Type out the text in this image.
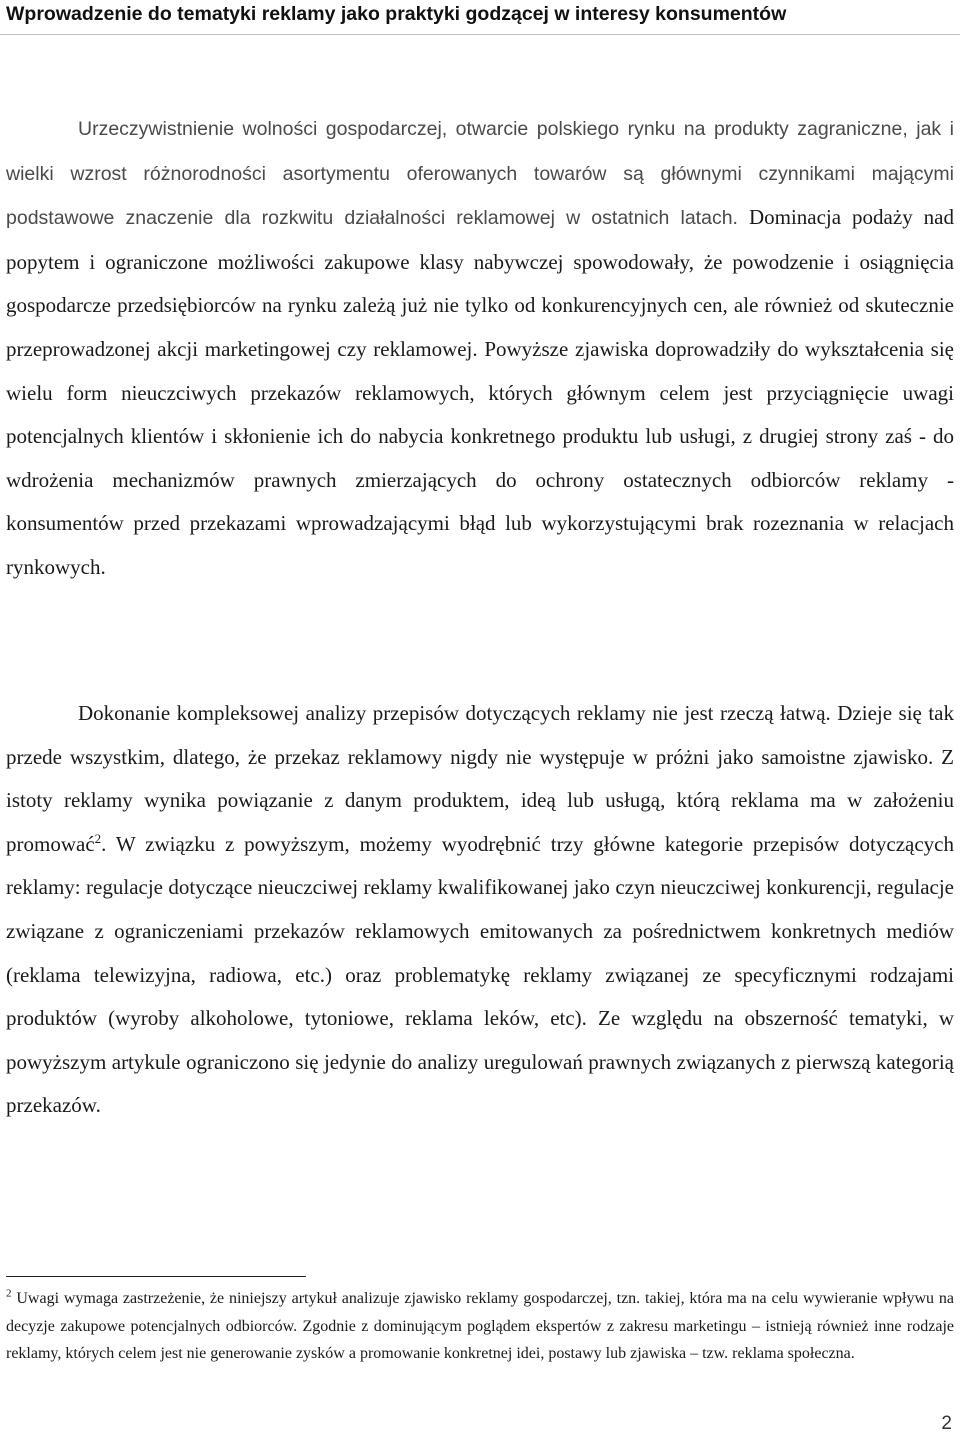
Wprowadzenie do tematyki reklamy jako praktyki godzącej w interesy konsumentów

Urzeczywistnienie wolności gospodarczej, otwarcie polskiego rynku na produkty zagraniczne, jak i wielki wzrost różnorodności asortymentu oferowanych towarów są głównymi czynnikami mającymi podstawowe znaczenie dla rozkwitu działalności reklamowej w ostatnich latach. Dominacja podaży nad popytem i ograniczone możliwości zakupowe klasy nabywczej spowodowały, że powodzenie i osiągnięcia gospodarcze przedsiębiorców na rynku zależą już nie tylko od konkurencyjnych cen, ale również od skutecznie przeprowadzonej akcji marketingowej czy reklamowej. Powyższe zjawiska doprowadziły do wykształcenia się wielu form nieuczciwych przekazów reklamowych, których głównym celem jest przyciągnięcie uwagi potencjalnych klientów i skłonienie ich do nabycia konkretnego produktu lub usługi, z drugiej strony zaś - do wdrożenia mechanizmów prawnych zmierzających do ochrony ostatecznych odbiorców reklamy - konsumentów przed przekazami wprowadzającymi błąd lub wykorzystującymi brak rozeznania w relacjach rynkowych.

Dokonanie kompleksowej analizy przepisów dotyczących reklamy nie jest rzeczą łatwą. Dzieje się tak przede wszystkim, dlatego, że przekaz reklamowy nigdy nie występuje w próżni jako samoistne zjawisko. Z istoty reklamy wynika powiązanie z danym produktem, ideą lub usługą, którą reklama ma w założeniu promować$^2$. W związku z powyższym, możemy wyodrębnić trzy główne kategorie przepisów dotyczących reklamy: regulacje dotyczące nieuczciwej reklamy kwalifikowanej jako czyn nieuczciwej konkurencji, regulacje związane z ograniczeniami przekazów reklamowych emitowanych za pośrednictwem konkretnych mediów (reklama telewizyjna, radiowa, etc.) oraz problematykę reklamy związanej ze specyficznymi rodzajami produktów (wyroby alkoholowe, tytoniowe, reklama leków, etc). Ze względu na obszerność tematyki, w powyższym artykule ograniczono się jedynie do analizy uregulowań prawnych związanych z pierwszą kategorią przekazów.

$^2$ Uwagi wymaga zastrzeżenie, że niniejszy artykuł analizuje zjawisko reklamy gospodarczej, tzn. takiej, która ma na celu wywieranie wpływu na decyzje zakupowe potencjalnych odbiorców. Zgodnie z dominującym poglądem ekspertów z zakresu marketingu – istnieją również inne rodzaje reklamy, których celem jest nie generowanie zysków a promowanie konkretnej idei, postawy lub zjawiska – tzw. reklama społeczna.

2
